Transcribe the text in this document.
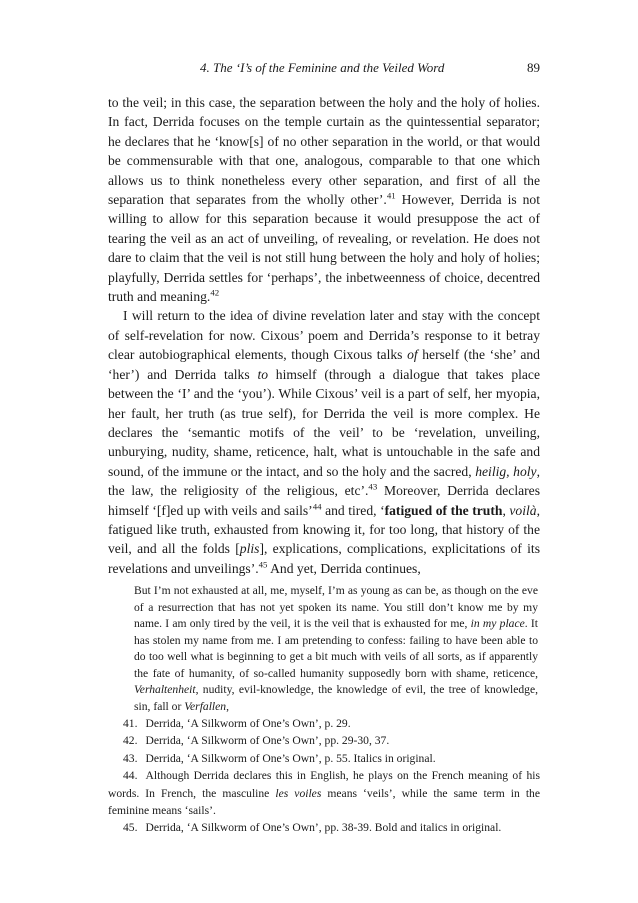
4. The ‘I’s of the Feminine and the Veiled Word	89

to the veil; in this case, the separation between the holy and the holy of holies. In fact, Derrida focuses on the temple curtain as the quintessential separator; he declares that he ‘know[s] of no other separation in the world, or that would be commensurable with that one, analogous, comparable to that one which allows us to think nonetheless every other separation, and first of all the separation that separates from the wholly other’.$^{41}$ However, Derrida is not willing to allow for this separation because it would presuppose the act of tearing the veil as an act of unveiling, of revealing, or revelation. He does not dare to claim that the veil is not still hung between the holy and holy of holies; playfully, Derrida settles for ‘perhaps’, the inbetweenness of choice, decentred truth and meaning.$^{42}$

I will return to the idea of divine revelation later and stay with the concept of self-revelation for now. Cixous’ poem and Derrida’s response to it betray clear autobiographical elements, though Cixous talks of herself (the ‘she’ and ‘her’) and Derrida talks to himself (through a dialogue that takes place between the ‘I’ and the ‘you’). While Cixous’ veil is a part of self, her myopia, her fault, her truth (as true self), for Derrida the veil is more complex. He declares the ‘semantic motifs of the veil’ to be ‘revelation, unveiling, unburying, nudity, shame, reticence, halt, what is untouchable in the safe and sound, of the immune or the intact, and so the holy and the sacred, heilig, holy, the law, the religiosity of the religious, etc’.$^{43}$ Moreover, Derrida declares himself ‘[f]ed up with veils and sails’$^{44}$ and tired, ‘fatigued of the truth, voilà, fatigued like truth, exhausted from knowing it, for too long, that history of the veil, and all the folds [plis], explications, complications, explicitations of its revelations and unveilings’.$^{45}$ And yet, Derrida continues,

But I’m not exhausted at all, me, myself, I’m as young as can be, as though on the eve of a resurrection that has not yet spoken its name. You still don’t know me by my name. I am only tired by the veil, it is the veil that is exhausted for me, in my place. It has stolen my name from me. I am pretending to confess: failing to have been able to do too well what is beginning to get a bit much with veils of all sorts, as if apparently the fate of humanity, of so-called humanity supposedly born with shame, reticence, Verhaltenheit, nudity, evil-knowledge, the knowledge of evil, the tree of knowledge, sin, fall or Verfallen,

41. Derrida, ‘A Silkworm of One’s Own’, p. 29.

42. Derrida, ‘A Silkworm of One’s Own’, pp. 29-30, 37.

43. Derrida, ‘A Silkworm of One’s Own’, p. 55. Italics in original.

44. Although Derrida declares this in English, he plays on the French meaning of his words. In French, the masculine les voiles means ‘veils’, while the same term in the feminine means ‘sails’.

45. Derrida, ‘A Silkworm of One’s Own’, pp. 38-39. Bold and italics in original.
